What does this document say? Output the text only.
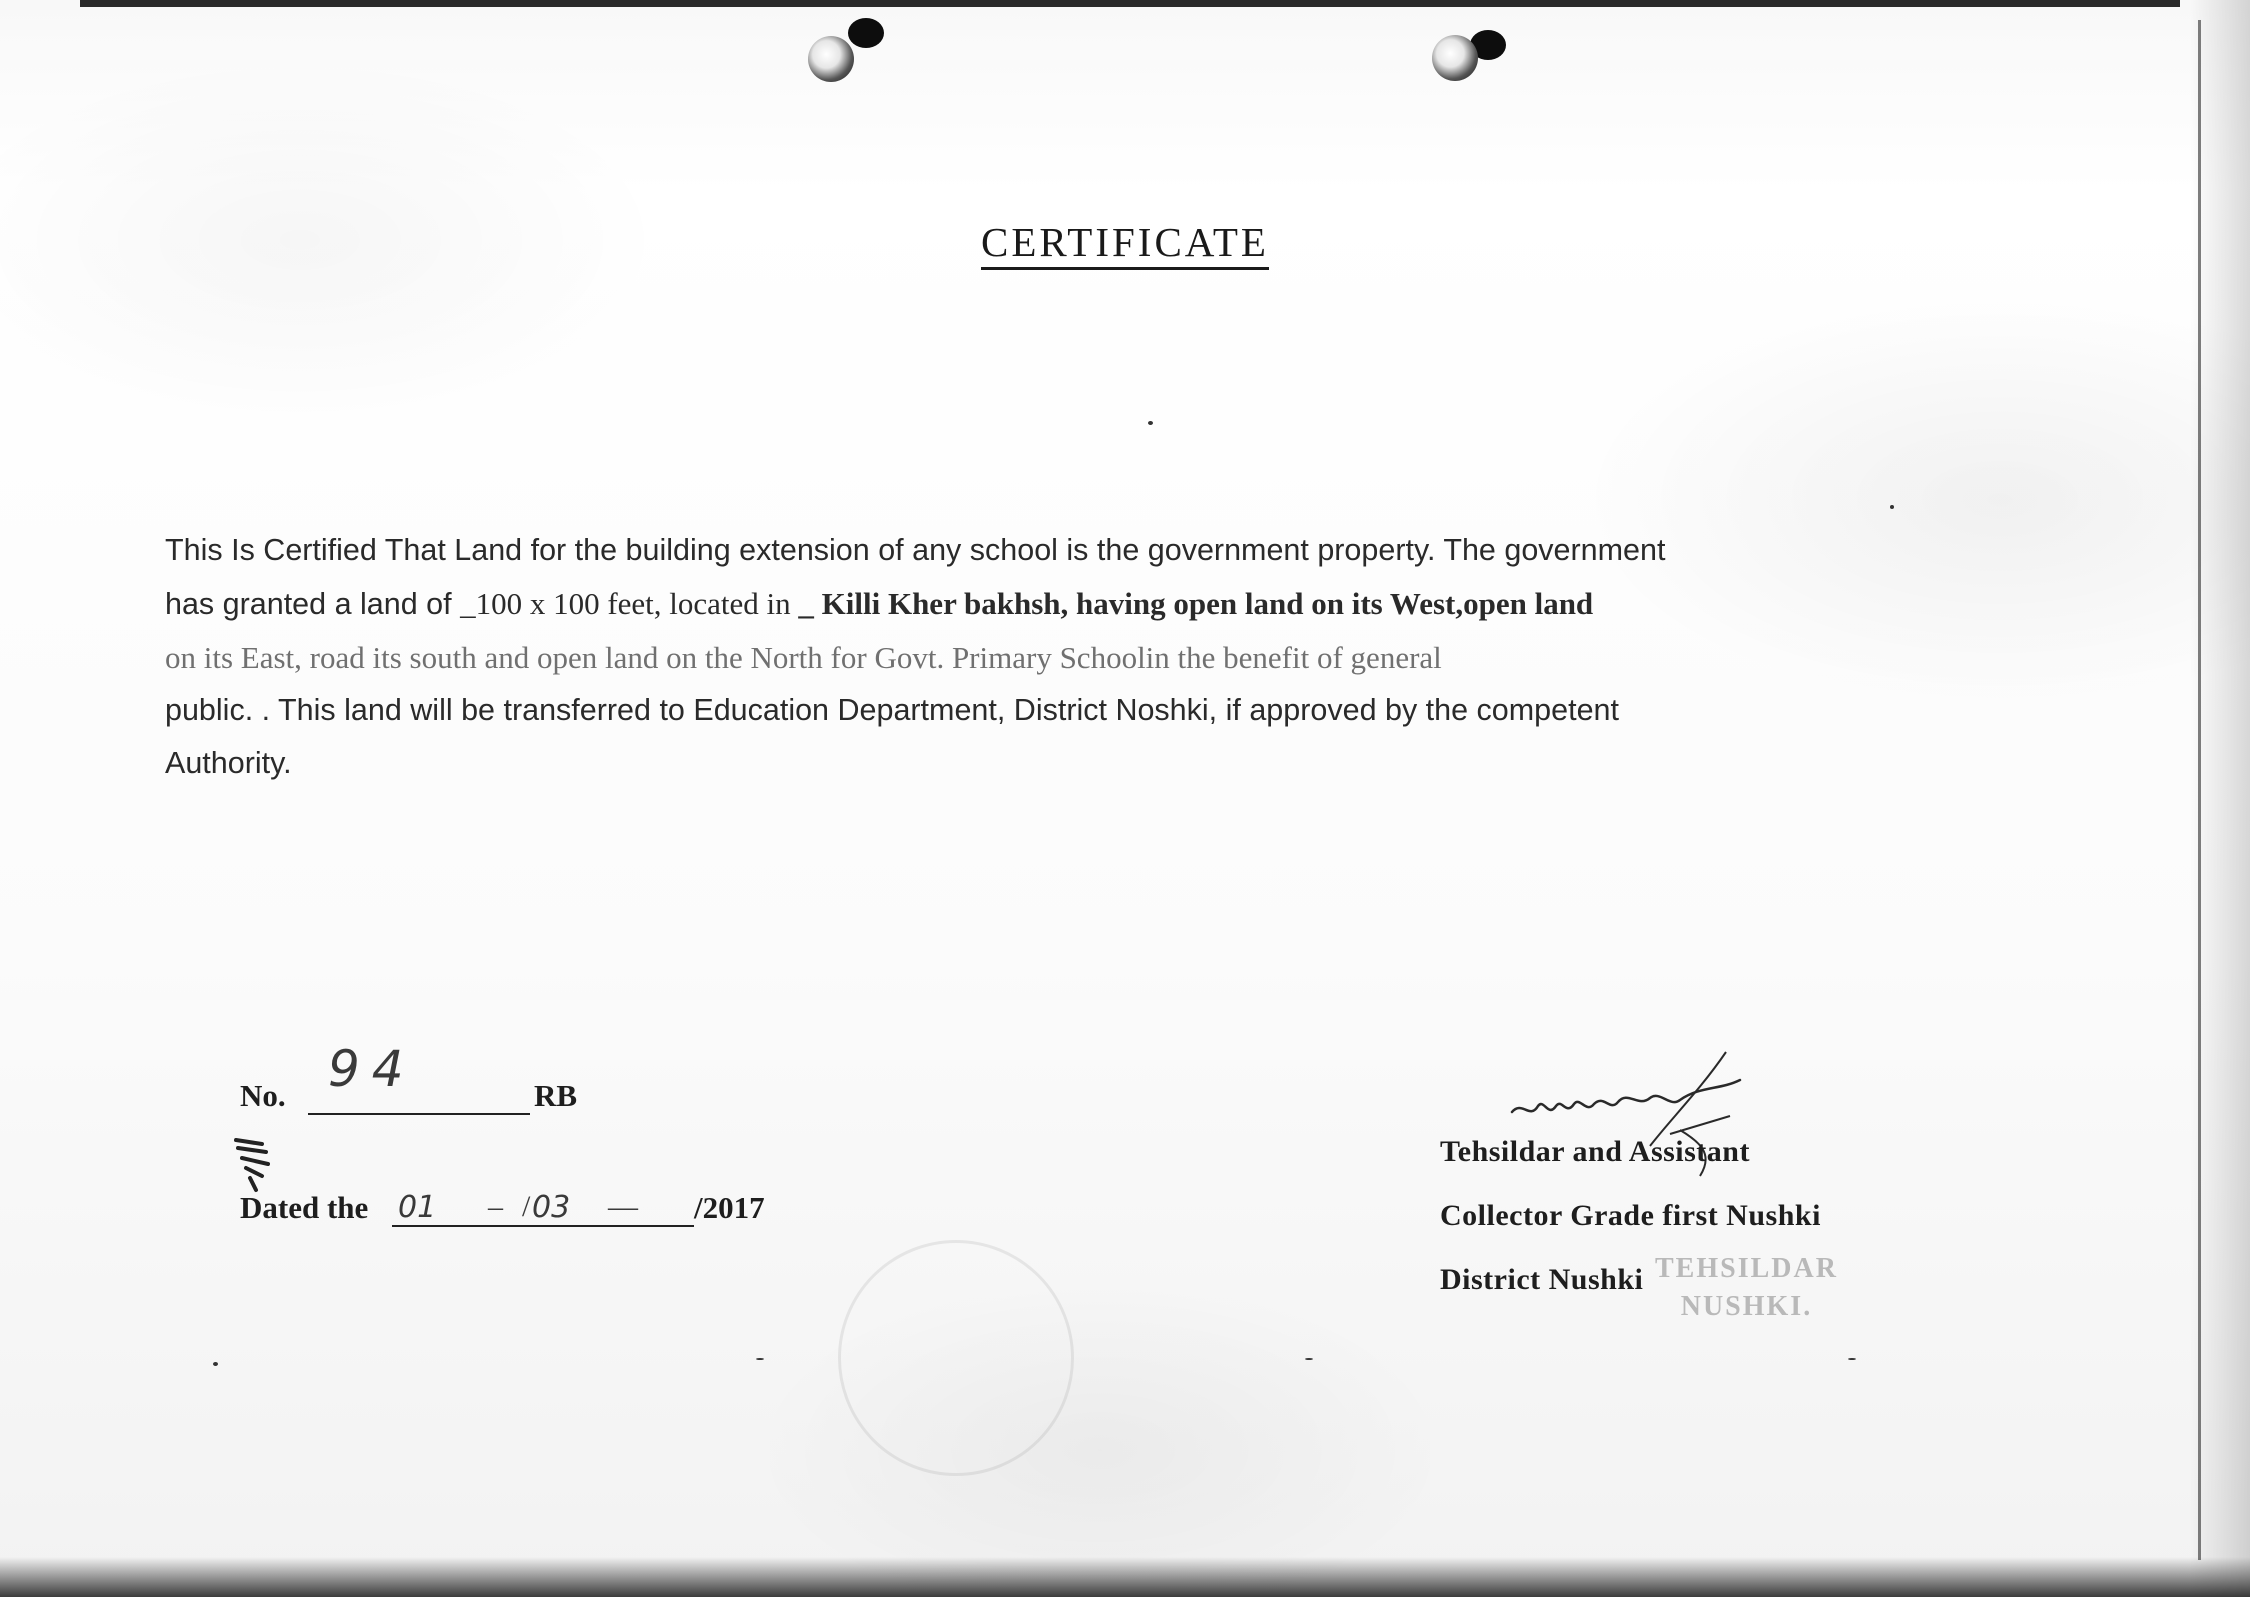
CERTIFICATE
This Is Certified That Land for the building extension of any school is the government property. The government
has granted a land of _100 x 100 feet, located in _ Killi Kher bakhsh, having open land on its West,open land
on its East, road its south and open land on the North for Govt. Primary Schoolin the benefit of general
public. . This land will be transferred to Education Department, District Noshki, if approved by the competent
Authority.
No. 94	RB
Dated the 01 – / 03 — /2017
Tehsildar and Assistant
Collector Grade first Nushki
District Nushki TEHSILDAR
NUSHKI.
